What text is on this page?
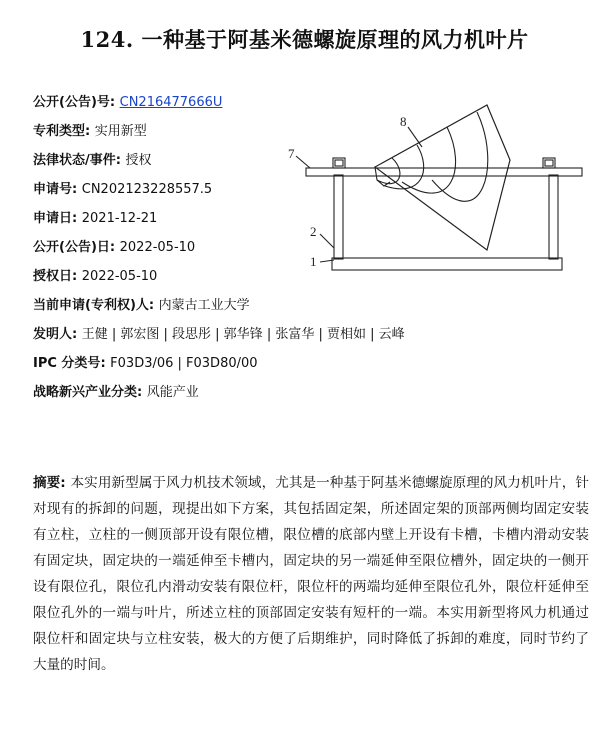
124. 一种基于阿基米德螺旋原理的风力机叶片
公开(公告)号: CN216477666U
专利类型: 实用新型
法律状态/事件: 授权
申请号: CN202123228557.5
申请日: 2021-12-21
公开(公告)日: 2022-05-10
授权日: 2022-05-10
当前申请(专利权)人: 内蒙古工业大学
发明人: 王健 | 郭宏图 | 段思彤 | 郭华锋 | 张富华 | 贾相如 | 云峰
IPC 分类号: F03D3/06 | F03D80/00
战略新兴产业分类: 风能产业
8
7
2
1
摘要: 本实用新型属于风力机技术领域，尤其是一种基于阿基米德螺旋原理的风力机叶片，针对现有的拆卸的问题，现提出如下方案，其包括固定架，所述固定架的顶部两侧均固定安装有立柱，立柱的一侧顶部开设有限位槽，限位槽的底部内壁上开设有卡槽，卡槽内滑动安装有固定块，固定块的一端延伸至卡槽内，固定块的另一端延伸至限位槽外，固定块的一侧开设有限位孔，限位孔内滑动安装有限位杆，限位杆的两端均延伸至限位孔外，限位杆延伸至限位孔外的一端与叶片，所述立柱的顶部固定安装有短杆的一端。本实用新型将风力机通过限位杆和固定块与立柱安装，极大的方便了后期维护，同时降低了拆卸的难度，同时节约了大量的时间。
